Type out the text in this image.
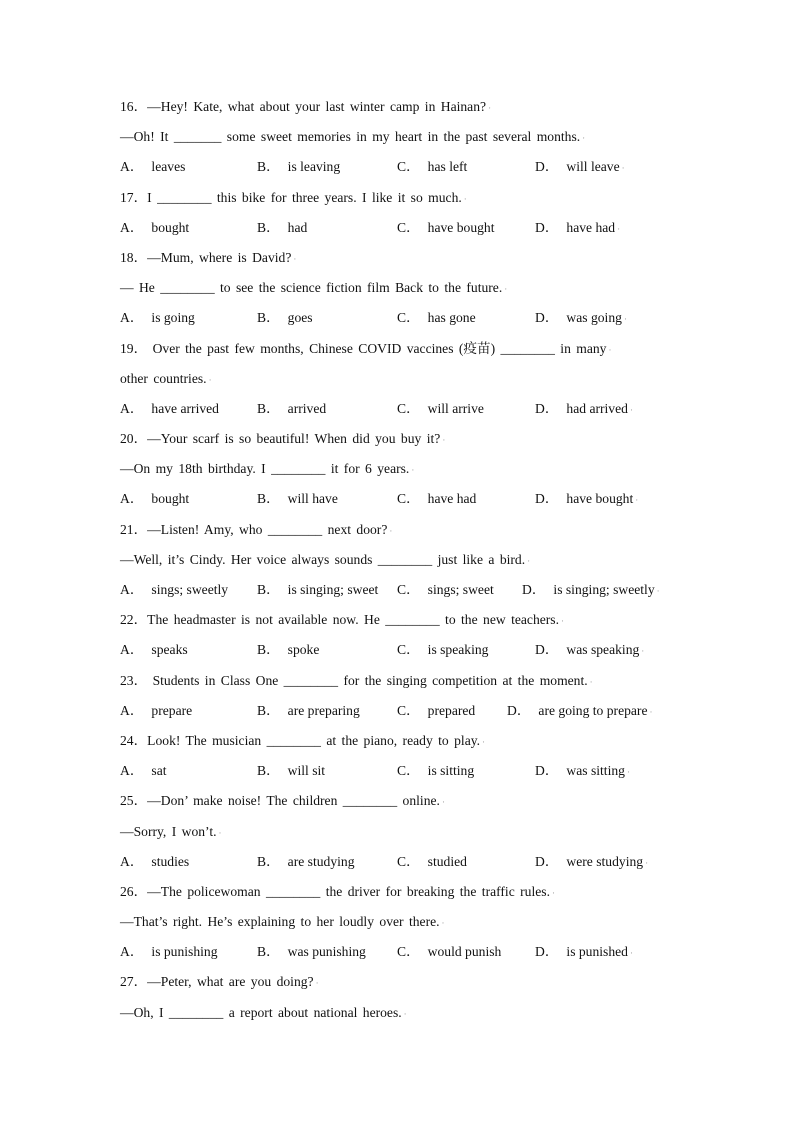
16．—Hey! Kate, what about your last winter camp in Hainan? ·
—Oh! It _______ some sweet memories in my heart in the past several months. ·
A． leaves	B． is leaving	C． has left	D． will leave ·
17．I ________ this bike for three years. I like it so much. ·
A． bought	B． had	C． have bought	D． have had ·
18．—Mum, where is David? ·
— He ________ to see the science fiction film Back to the future. ·
A． is going	B． goes	C． has gone	D． was going ·
19． Over the past few months, Chinese COVID vaccines (疫苗) ________ in many ·
other countries. ·
A． have arrived	B． arrived	C． will arrive	D． had arrived ·
20．—Your scarf is so beautiful! When did you buy it? ·
—On my 18th birthday. I ________ it for 6 years. ·
A． bought	B． will have	C． have had	D． have bought ·
21．—Listen! Amy, who ________ next door? ·
—Well, it’s Cindy. Her voice always sounds ________ just like a bird. ·
A． sings; sweetly B． is singing; sweet C． sings; sweet D． is singing; sweetly ·
22．The headmaster is not available now. He ________ to the new teachers. ·
A． speaks	B． spoke	C． is speaking	D． was speaking ·
23． Students in Class One ________ for the singing competition at the moment. ·
A． prepare	B． are preparing	C． prepared D． are going to prepare ·
24．Look! The musician ________ at the piano, ready to play. ·
A． sat	B． will sit	C． is sitting	D． was sitting ·
25．—Don’ make noise! The children ________ online. ·
—Sorry, I won’t. ·
A． studies	B． are studying	C． studied	D． were studying ·
26．—The policewoman ________ the driver for breaking the traffic rules. ·
—That’s right. He’s explaining to her loudly over there. ·
A． is punishing	B． was punishing C． would punish D． is punished ·
27．—Peter, what are you doing? ·
—Oh, I ________ a report about national heroes. ·
